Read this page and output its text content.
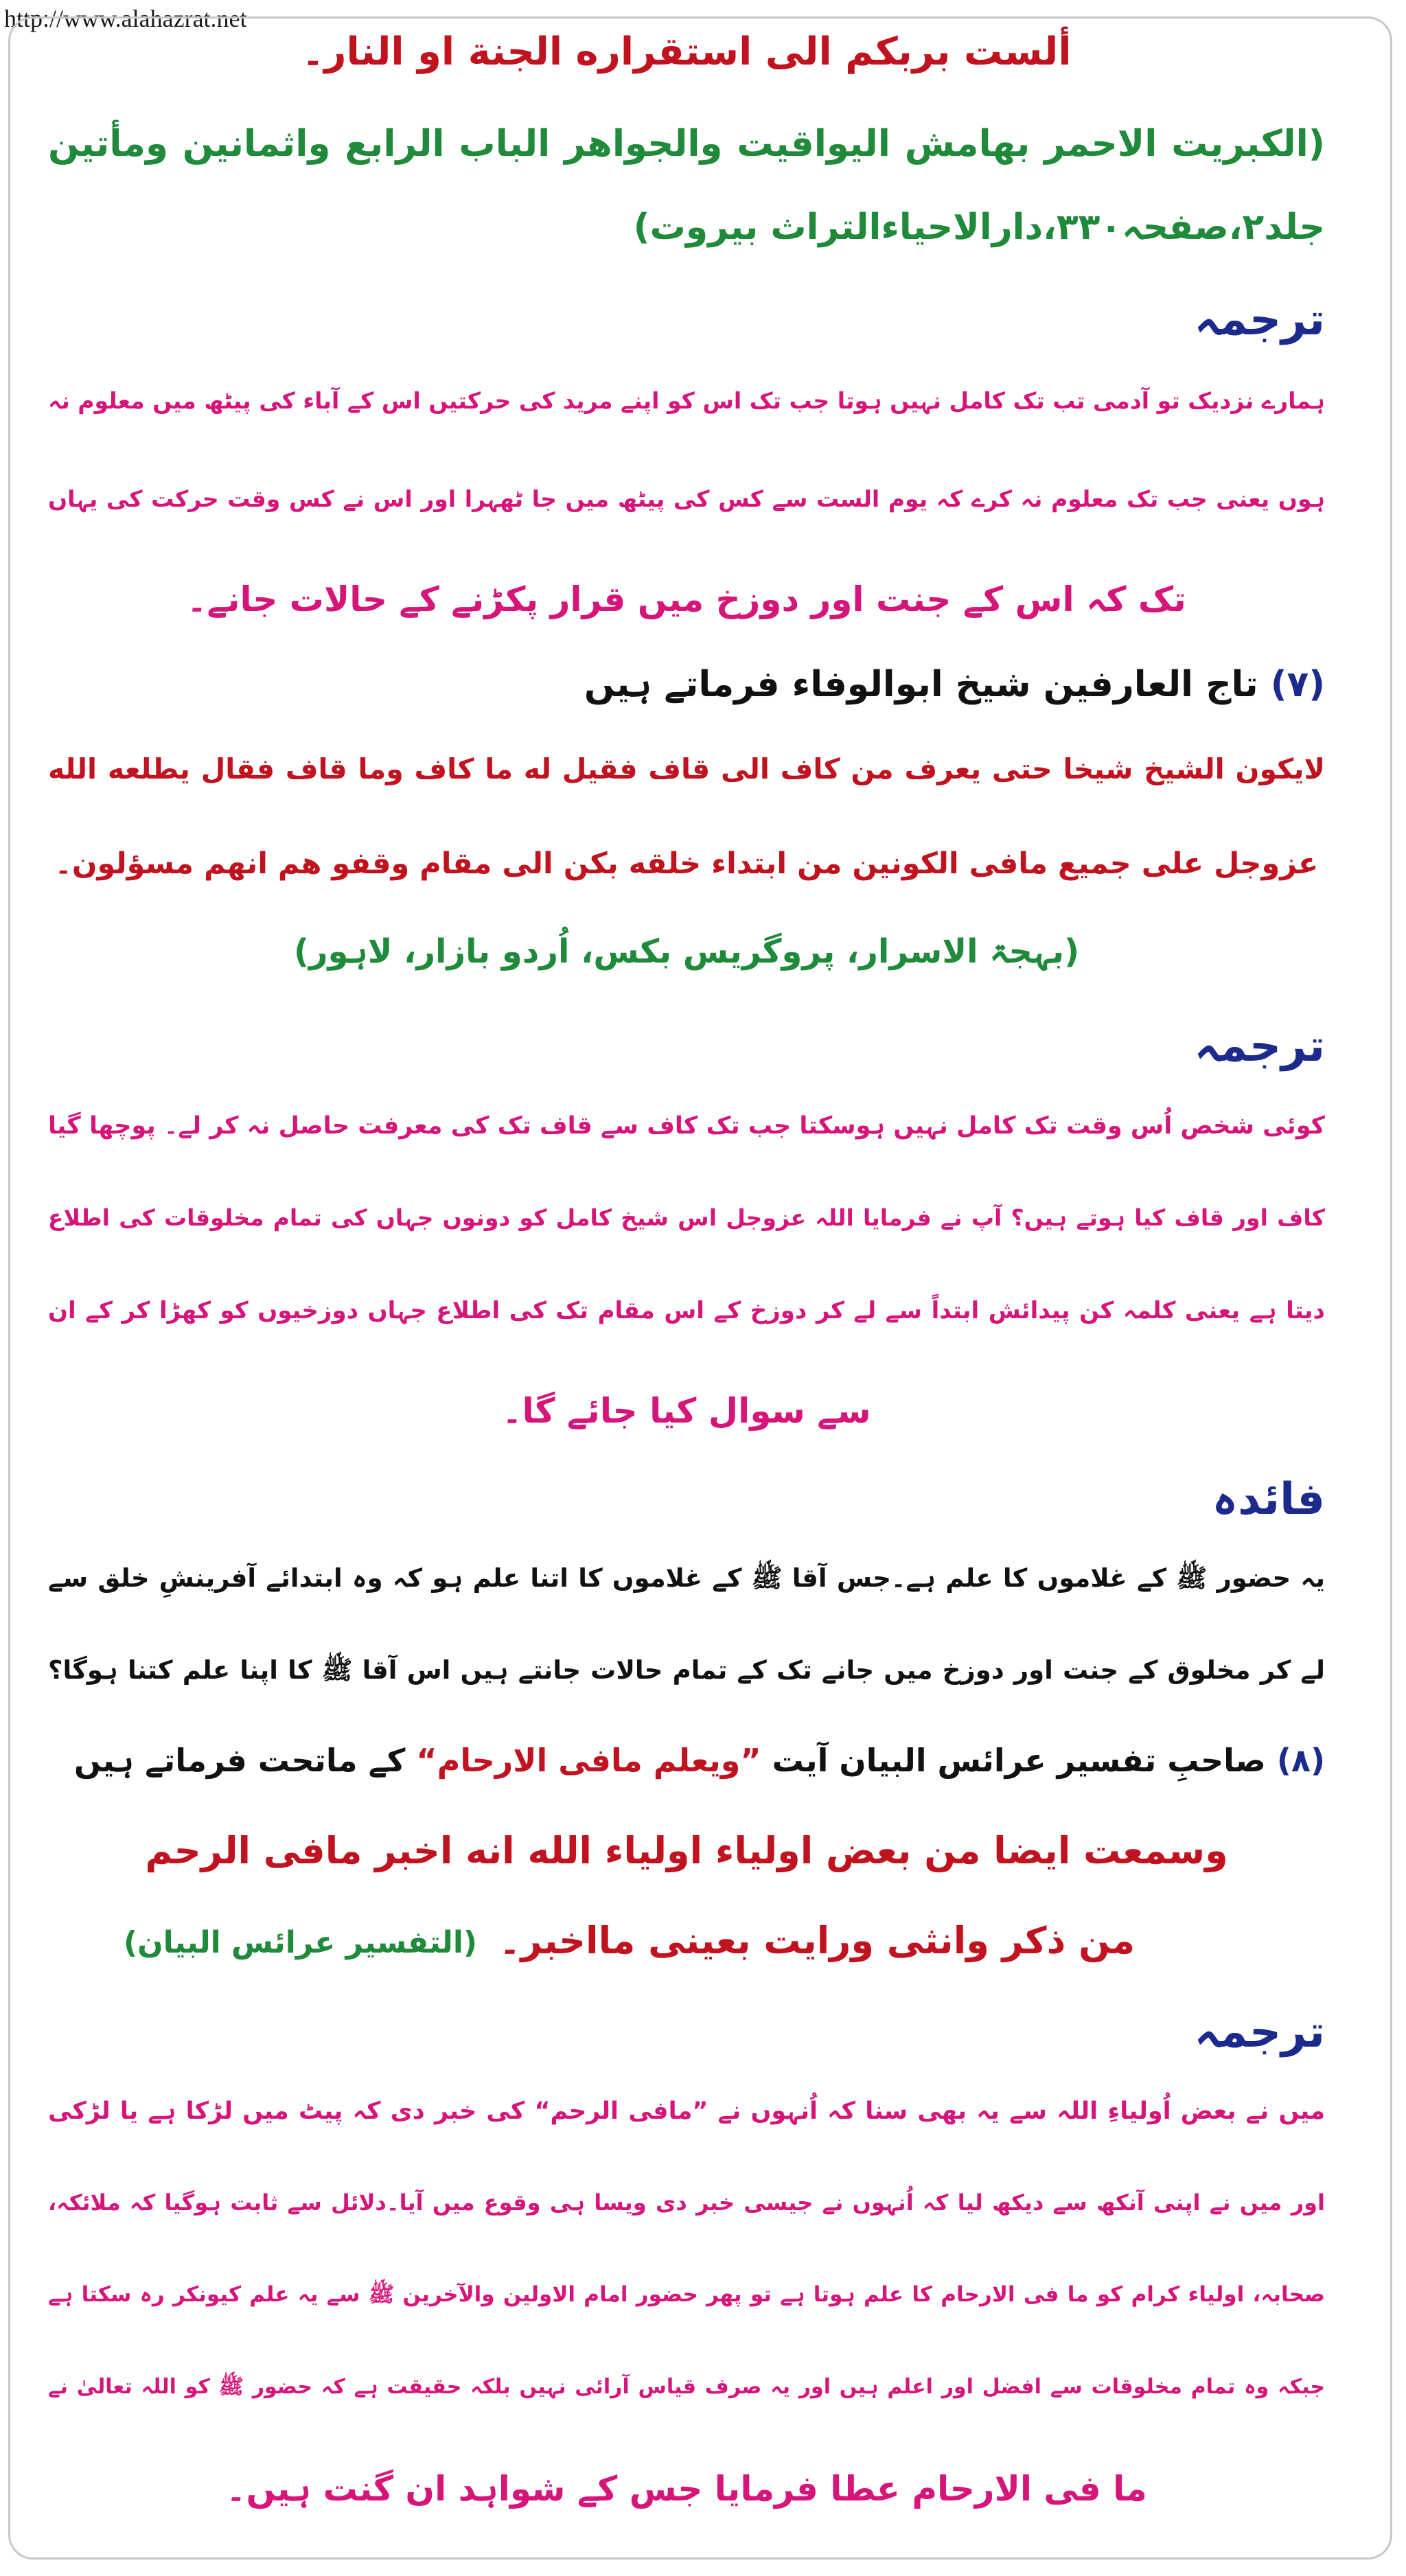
http://www.alahazrat.net
ألست بربكم الى استقراره الجنة او النار۔
(الكبريت الاحمر بهامش اليواقيت والجواهر الباب الرابع واثمانين ومأتين
جلد۲،صفحہ۳۳۰،دارالاحیاءالتراث بیروت)
ترجمہ
ہمارے نزدیک تو آدمی تب تک کامل نہیں ہوتا جب تک اس کو اپنے مرید کی حرکتیں اس کے آباء کی پیٹھ میں معلوم نہ
ہوں یعنی جب تک معلوم نہ کرے کہ یوم الست سے کس کی پیٹھ میں جا ٹھہرا اور اس نے کس وقت حرکت کی یہاں
تک کہ اس کے جنت اور دوزخ میں قرار پکڑنے کے حالات جانے۔
(۷) تاج العارفین شیخ ابوالوفاء فرماتے ہیں
لایکون الشیخ شیخا حتی یعرف من کاف الی قاف فقیل له ما کاف وما قاف فقال یطلعه الله
عزوجل علی جمیع مافی الکونین من ابتداء خلقه بکن الی مقام وقفو هم انهم مسؤلون۔
(بہجۃ الاسرار، پروگریس بکس، اُردو بازار، لاہور)
ترجمہ
کوئی شخص اُس وقت تک کامل نہیں ہوسکتا جب تک کاف سے قاف تک کی معرفت حاصل نہ کر لے۔ پوچھا گیا
کاف اور قاف کیا ہوتے ہیں؟ آپ نے فرمایا اللہ عزوجل اس شیخ کامل کو دونوں جہاں کی تمام مخلوقات کی اطلاع
دیتا ہے یعنی کلمہ کن پیدائش ابتداً سے لے کر دوزخ کے اس مقام تک کی اطلاع جہاں دوزخیوں کو کھڑا کر کے ان
سے سوال کیا جائے گا۔
فائدہ
یہ حضور ﷺ کے غلاموں کا علم ہے۔جس آقا ﷺ کے غلاموں کا اتنا علم ہو کہ وہ ابتدائے آفرینشِ خلق سے
لے کر مخلوق کے جنت اور دوزخ میں جانے تک کے تمام حالات جانتے ہیں اس آقا ﷺ کا اپنا علم کتنا ہوگا؟
(۸) صاحبِ تفسیر عرائس البیان آیت ”ویعلم مافی الارحام“ کے ماتحت فرماتے ہیں
وسمعت ایضا من بعض اولیاء اولیاء الله انه اخبر مافی الرحم
من ذکر وانثی ورایت بعینی مااخبر۔
(التفسیر عرائس البیان)
ترجمہ
میں نے بعض اُولیاءِ اللہ سے یہ بھی سنا کہ اُنہوں نے ”مافی الرحم“ کی خبر دی کہ پیٹ میں لڑکا ہے یا لڑکی
اور میں نے اپنی آنکھ سے دیکھ لیا کہ اُنہوں نے جیسی خبر دی ویسا ہی وقوع میں آیا۔دلائل سے ثابت ہوگیا کہ ملائکہ،
صحابہ، اولیاء کرام کو ما فی الارحام کا علم ہوتا ہے تو پھر حضور امام الاولین والآخرین ﷺ سے یہ علم کیونکر رہ سکتا ہے
جبکہ وہ تمام مخلوقات سے افضل اور اعلم ہیں اور یہ صرف قیاس آرائی نہیں بلکہ حقیقت ہے کہ حضور ﷺ کو اللہ تعالیٰ نے
ما فی الارحام عطا فرمایا جس کے شواہد ان گنت ہیں۔
